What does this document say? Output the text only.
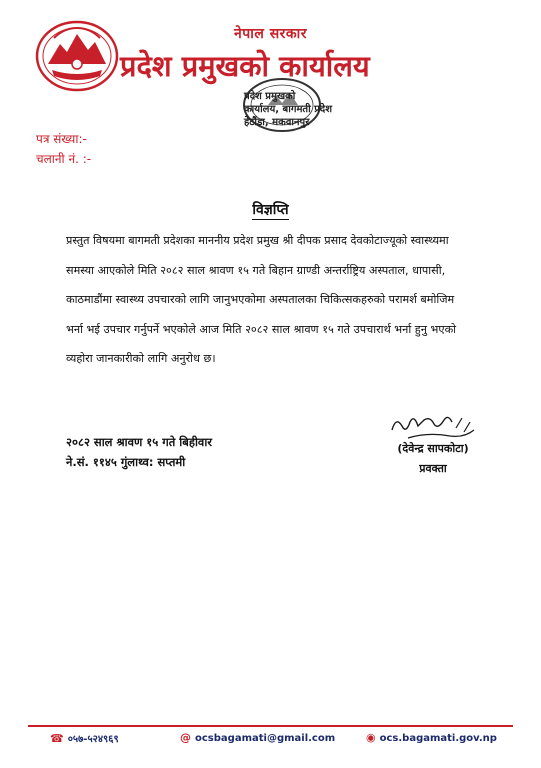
नेपाल सरकार
प्रदेश प्रमुखको कार्यालय
प्रदेश प्रमुखको
कार्यालय, बागमती प्रदेश
हेटौंडा, मकवानपुर
पत्र संख्या:-
चलानी नं. :-
विज्ञप्ति
प्रस्तुत विषयमा बागमती प्रदेशका माननीय प्रदेश प्रमुख श्री दीपक प्रसाद देवकोटाज्यूको स्वास्थ्यमा
समस्या आएकोले मिति २०८२ साल श्रावण १५ गते बिहान ग्राण्डी अन्तर्राष्ट्रिय अस्पताल, धापासी,
काठमाडौंमा स्वास्थ्य उपचारको लागि जानुभएकोमा अस्पतालका चिकित्सकहरुको परामर्श बमोजिम
भर्ना भई उपचार गर्नुपर्ने भएकोले आज मिति २०८२ साल श्रावण १५ गते उपचारार्थ भर्ना हुनु भएको
व्यहोरा जानकारीको लागि अनुरोध छ।
२०८२ साल श्रावण १५ गते बिहीवार
ने.सं. ११४५ गुंलाथ्व: सप्तमी
(देवेन्द्र सापकोटा)
प्रवक्ता
☎ ०५७-५२४९६९	@ ocsbagamati@gmail.com	◉ ocs.bagamati.gov.np
